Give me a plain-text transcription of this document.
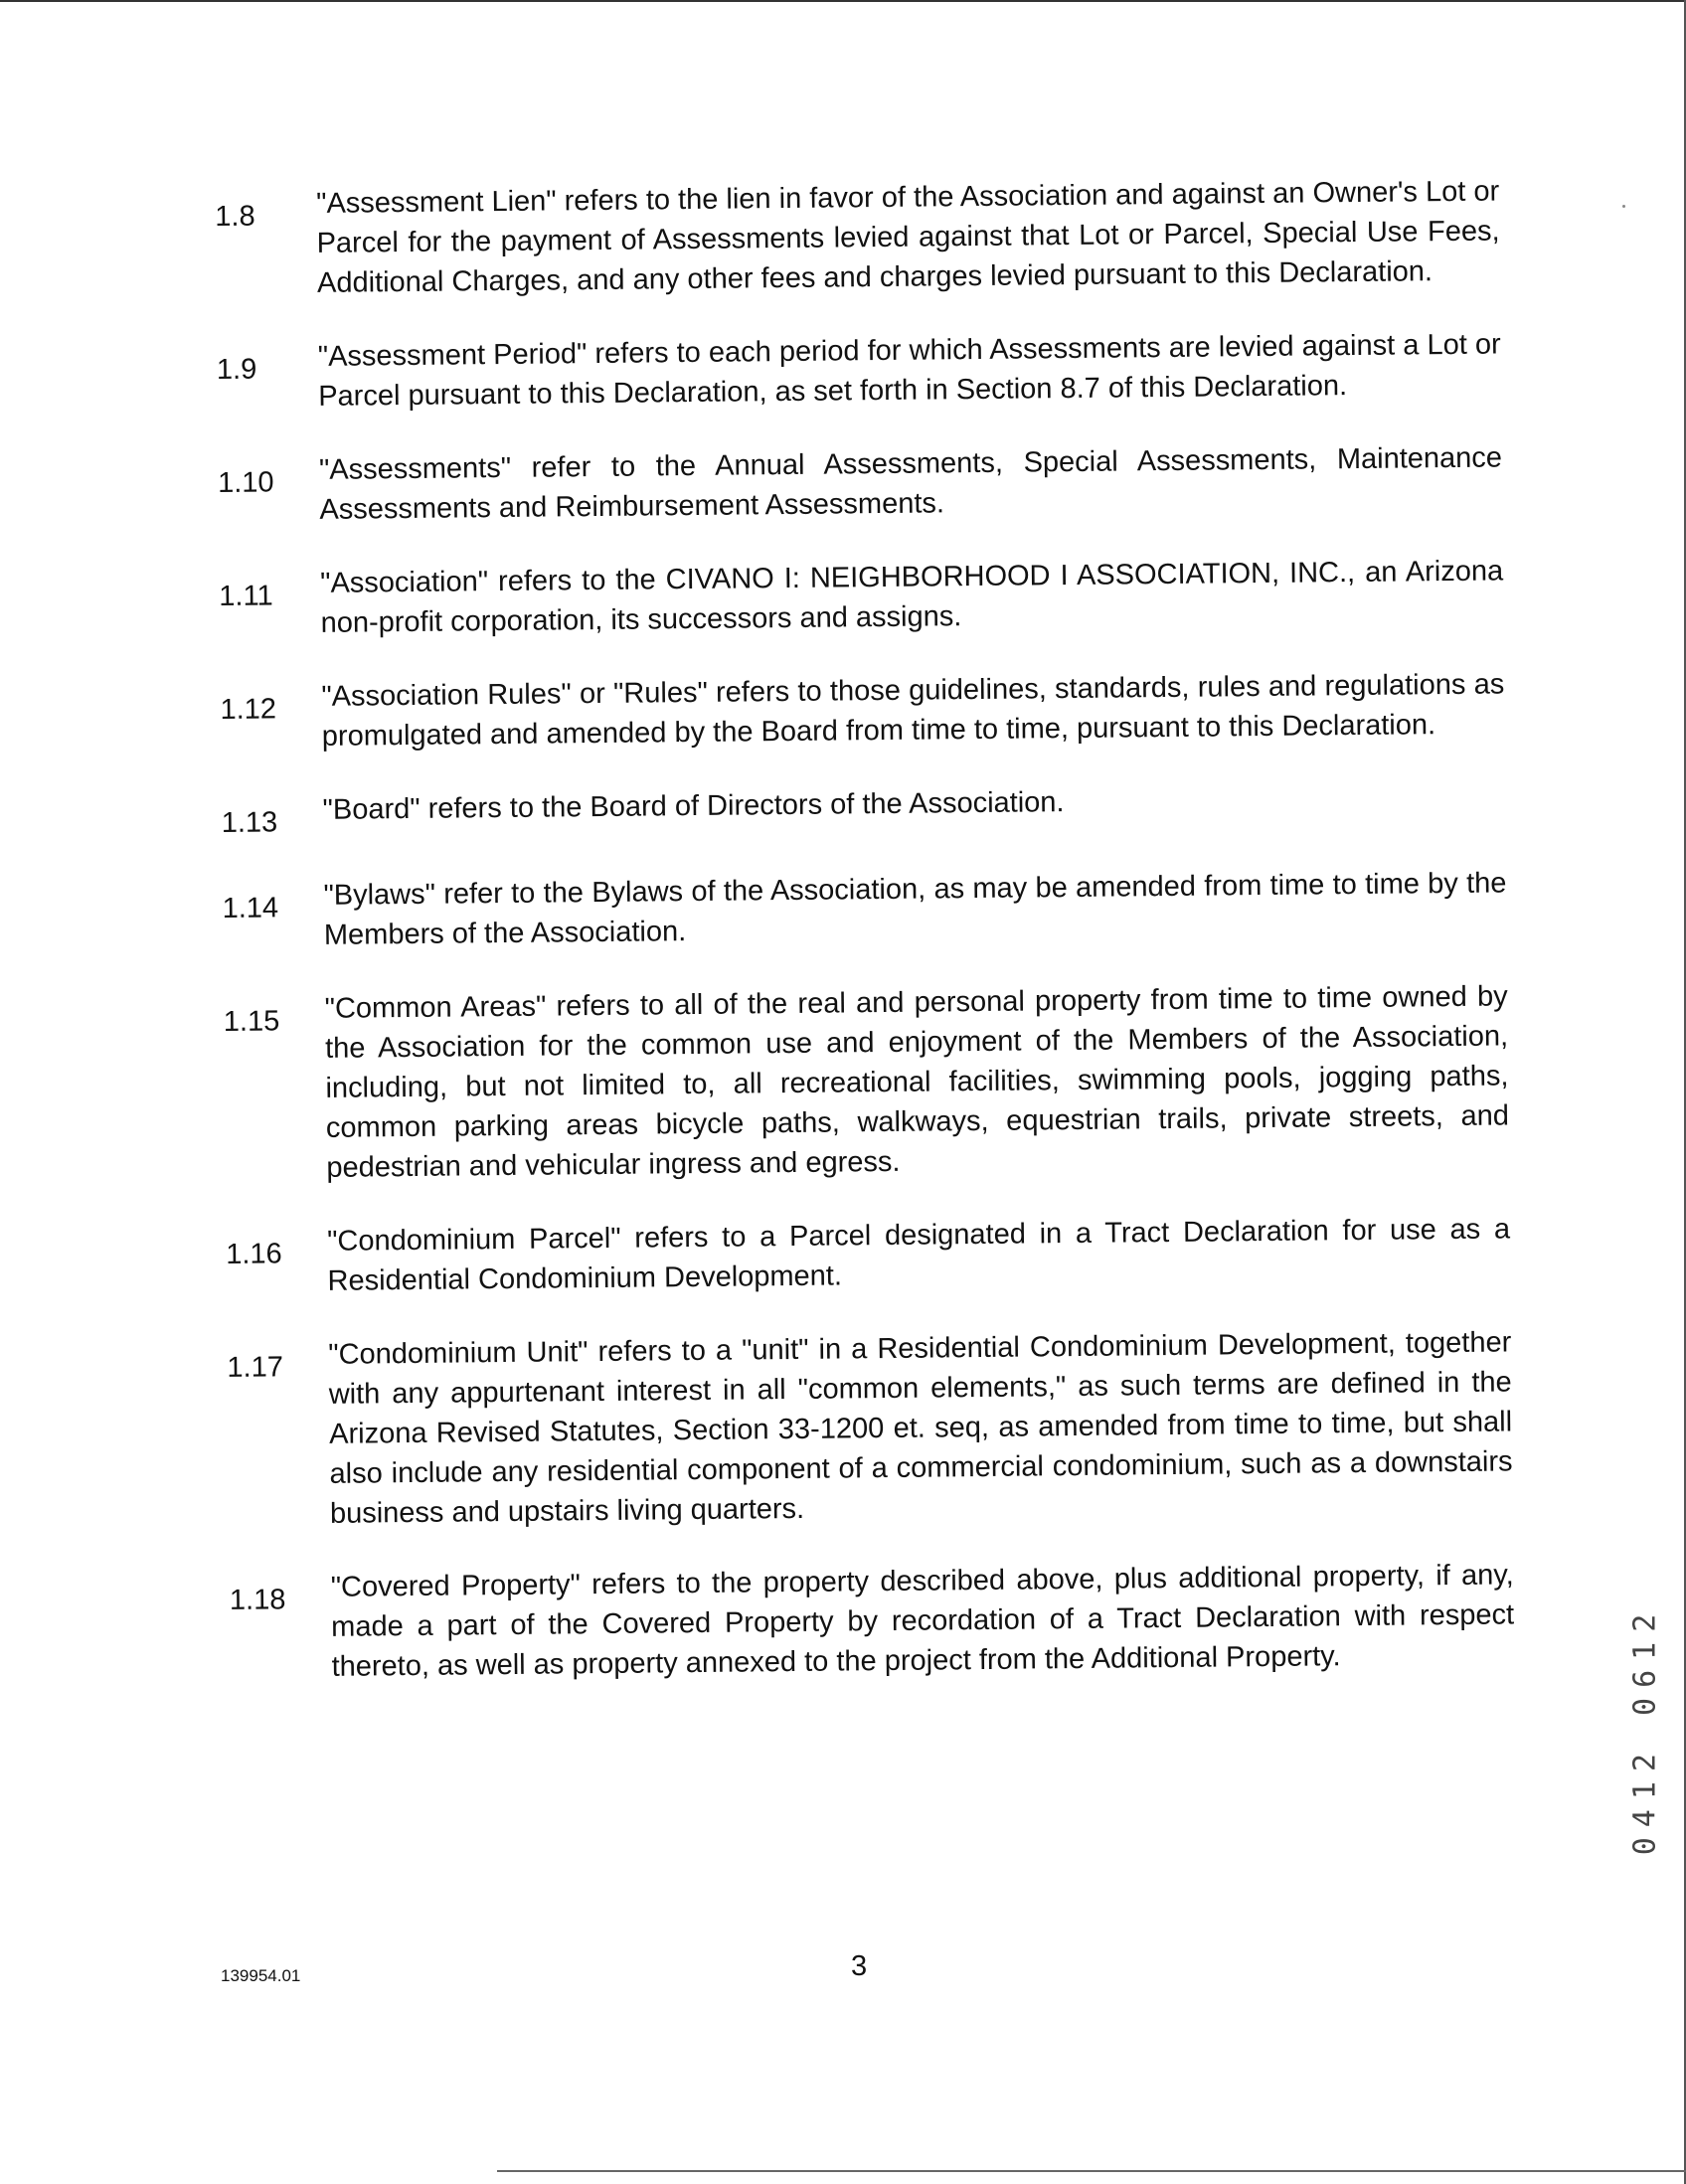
1.8	"Assessment Lien" refers to the lien in favor of the Association and against an Owner's Lot or Parcel for the payment of Assessments levied against that Lot or Parcel, Special Use Fees, Additional Charges, and any other fees and charges levied pursuant to this Declaration.
1.9	"Assessment Period" refers to each period for which Assessments are levied against a Lot or Parcel pursuant to this Declaration, as set forth in Section 8.7 of this Declaration.
1.10	"Assessments" refer to the Annual Assessments, Special Assessments, Maintenance Assessments and Reimbursement Assessments.
1.11	"Association" refers to the CIVANO I: NEIGHBORHOOD I ASSOCIATION, INC., an Arizona non-profit corporation, its successors and assigns.
1.12	"Association Rules" or "Rules" refers to those guidelines, standards, rules and regulations as promulgated and amended by the Board from time to time, pursuant to this Declaration.
1.13	"Board" refers to the Board of Directors of the Association.
1.14	"Bylaws" refer to the Bylaws of the Association, as may be amended from time to time by the Members of the Association.
1.15	"Common Areas" refers to all of the real and personal property from time to time owned by the Association for the common use and enjoyment of the Members of the Association, including, but not limited to, all recreational facilities, swimming pools, jogging paths, common parking areas bicycle paths, walkways, equestrian trails, private streets, and pedestrian and vehicular ingress and egress.
1.16	"Condominium Parcel" refers to a Parcel designated in a Tract Declaration for use as a Residential Condominium Development.
1.17	"Condominium Unit" refers to a "unit" in a Residential Condominium Development, together with any appurtenant interest in all "common elements," as such terms are defined in the Arizona Revised Statutes, Section 33-1200 et. seq, as amended from time to time, but shall also include any residential component of a commercial condominium, such as a downstairs business and upstairs living quarters.
1.18	"Covered Property" refers to the property described above, plus additional property, if any, made a part of the Covered Property by recordation of a Tract Declaration with respect thereto, as well as property annexed to the project from the Additional Property.
139954.01	3
0412 0612
